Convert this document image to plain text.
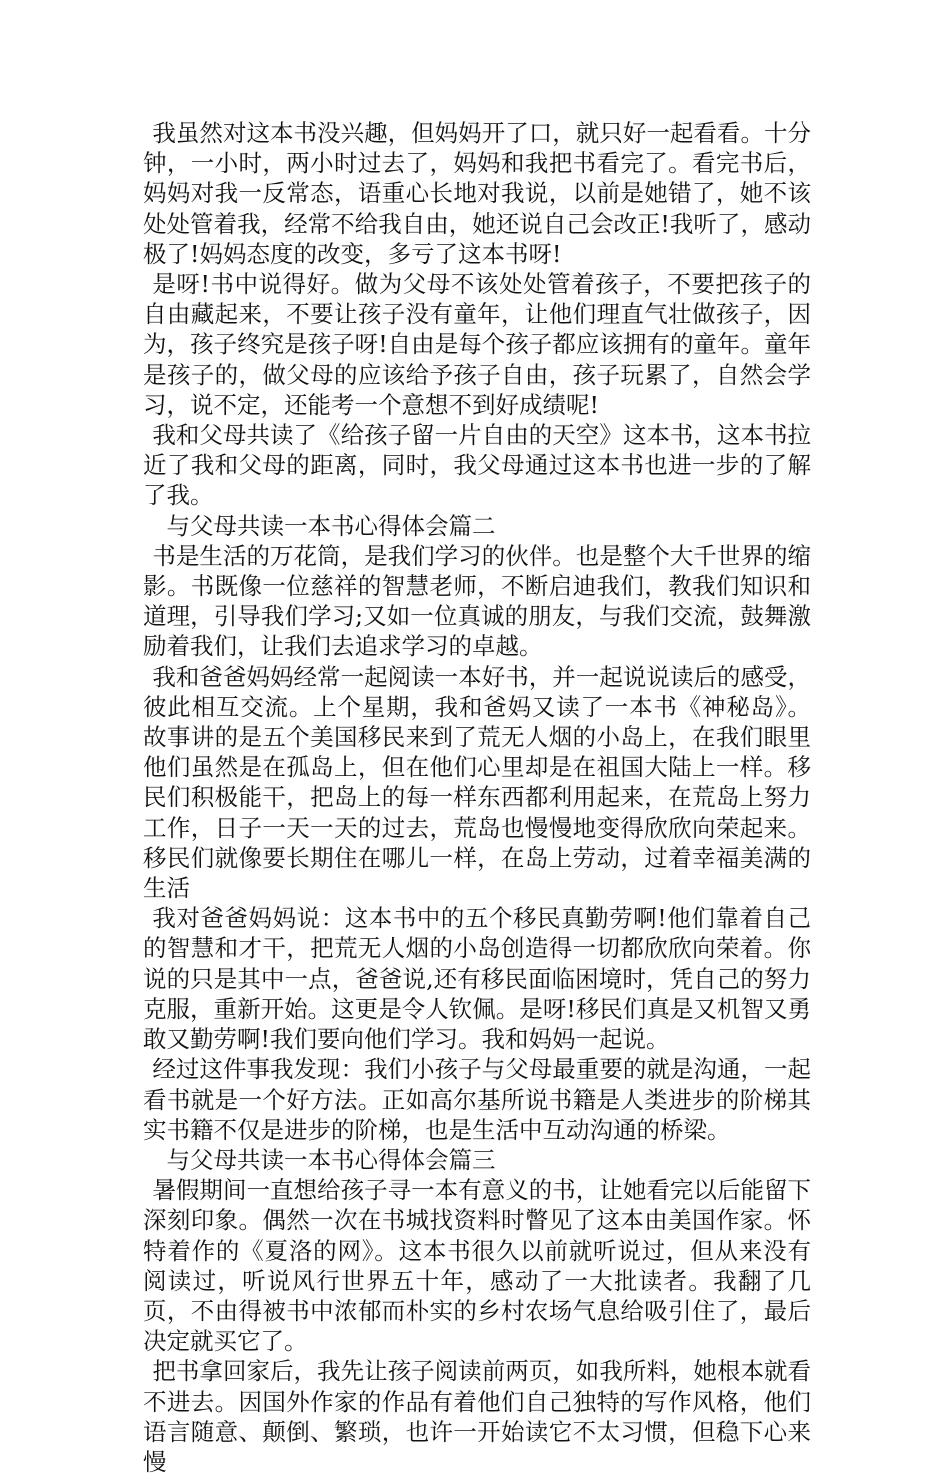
我虽然对这本书没兴趣，但妈妈开了口，就只好一起看看。十分钟，一小时，两小时过去了，妈妈和我把书看完了。看完书后，妈妈对我一反常态，语重心长地对我说，以前是她错了，她不该处处管着我，经常不给我自由，她还说自己会改正!我听了，感动极了!妈妈态度的改变，多亏了这本书呀!

是呀!书中说得好。做为父母不该处处管着孩子，不要把孩子的自由藏起来，不要让孩子没有童年，让他们理直气壮做孩子，因为，孩子终究是孩子呀!自由是每个孩子都应该拥有的童年。童年是孩子的，做父母的应该给予孩子自由，孩子玩累了，自然会学习，说不定，还能考一个意想不到好成绩呢!

我和父母共读了《给孩子留一片自由的天空》这本书，这本书拉近了我和父母的距离，同时，我父母通过这本书也进一步的了解了我。

与父母共读一本书心得体会篇二

书是生活的万花筒，是我们学习的伙伴。也是整个大千世界的缩影。书既像一位慈祥的智慧老师，不断启迪我们，教我们知识和道理，引导我们学习;又如一位真诚的朋友，与我们交流，鼓舞激励着我们，让我们去追求学习的卓越。

我和爸爸妈妈经常一起阅读一本好书，并一起说说读后的感受，彼此相互交流。上个星期，我和爸妈又读了一本书《神秘岛》。故事讲的是五个美国移民来到了荒无人烟的小岛上，在我们眼里他们虽然是在孤岛上，但在他们心里却是在祖国大陆上一样。移民们积极能干，把岛上的每一样东西都利用起来，在荒岛上努力工作，日子一天一天的过去，荒岛也慢慢地变得欣欣向荣起来。移民们就像要长期住在哪儿一样，在岛上劳动，过着幸福美满的生活

我对爸爸妈妈说：这本书中的五个移民真勤劳啊!他们靠着自己的智慧和才干，把荒无人烟的小岛创造得一切都欣欣向荣着。你说的只是其中一点，爸爸说,还有移民面临困境时，凭自己的努力克服，重新开始。这更是令人钦佩。是呀!移民们真是又机智又勇敢又勤劳啊!我们要向他们学习。我和妈妈一起说。

经过这件事我发现：我们小孩子与父母最重要的就是沟通，一起看书就是一个好方法。正如高尔基所说书籍是人类进步的阶梯其实书籍不仅是进步的阶梯，也是生活中互动沟通的桥梁。

与父母共读一本书心得体会篇三

暑假期间一直想给孩子寻一本有意义的书，让她看完以后能留下深刻印象。偶然一次在书城找资料时瞥见了这本由美国作家。怀特着作的《夏洛的网》。这本书很久以前就听说过，但从来没有阅读过，听说风行世界五十年，感动了一大批读者。我翻了几页，不由得被书中浓郁而朴实的乡村农场气息给吸引住了，最后决定就买它了。

把书拿回家后，我先让孩子阅读前两页，如我所料，她根本就看不进去。因国外作家的作品有着他们自己独特的写作风格，他们语言随意、颠倒、繁琐，也许一开始读它不太习惯，但稳下心来慢
